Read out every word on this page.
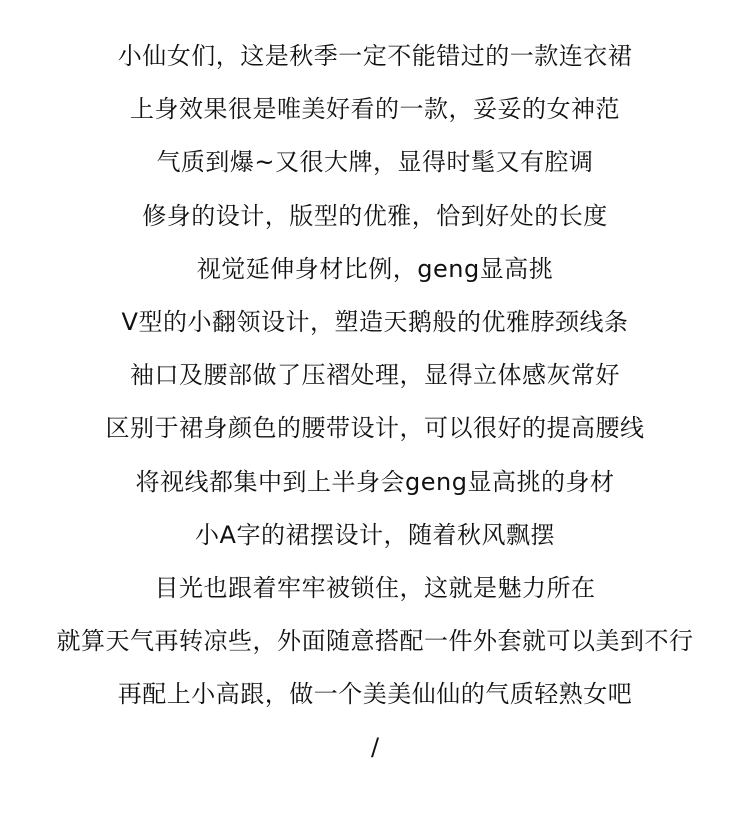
小仙女们，这是秋季一定不能错过的一款连衣裙

上身效果很是唯美好看的一款，妥妥的女神范

气质到爆~又很大牌，显得时髦又有腔调

修身的设计，版型的优雅，恰到好处的长度

视觉延伸身材比例，geng显高挑

V型的小翻领设计，塑造天鹅般的优雅脖颈线条

袖口及腰部做了压褶处理，显得立体感灰常好

区别于裙身颜色的腰带设计，可以很好的提高腰线

将视线都集中到上半身会geng显高挑的身材

小A字的裙摆设计，随着秋风飘摆

目光也跟着牢牢被锁住，这就是魅力所在

就算天气再转凉些，外面随意搭配一件外套就可以美到不行

再配上小高跟，做一个美美仙仙的气质轻熟女吧

/
